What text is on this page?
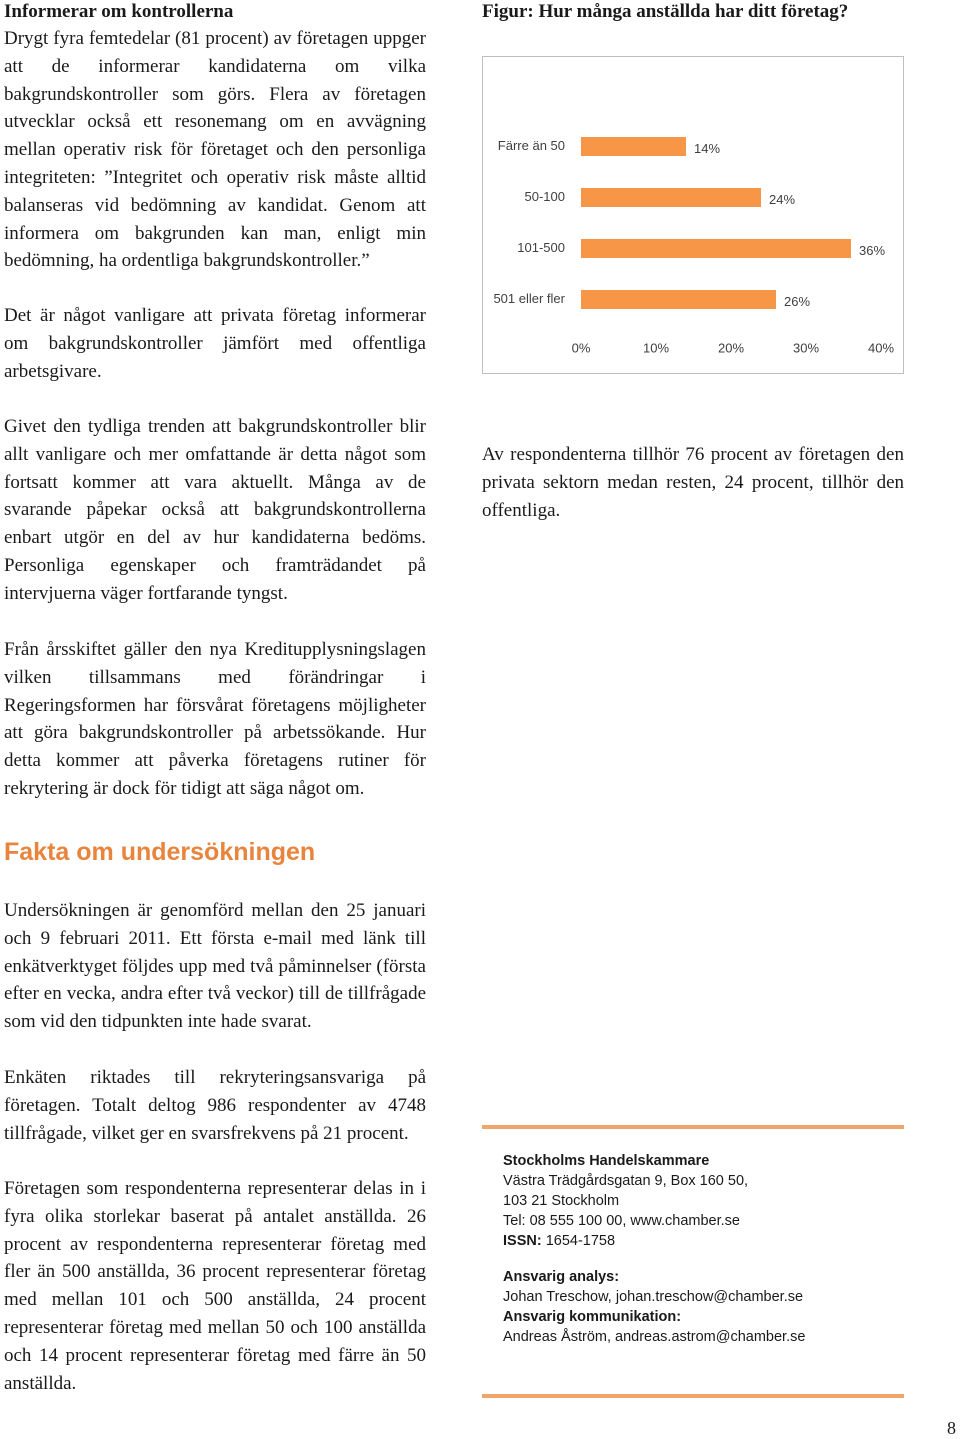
Informerar om kontrollerna

Drygt fyra femtedelar (81 procent) av företagen uppger att de informerar kandidaterna om vilka bakgrundskontroller som görs. Flera av företagen utvecklar också ett resonemang om en avvägning mellan operativ risk för företaget och den personliga integriteten: ”Integritet och operativ risk måste alltid balanseras vid bedömning av kandidat. Genom att informera om bakgrunden kan man, enligt min bedömning, ha ordentliga bakgrundskontroller.”

Det är något vanligare att privata företag informerar om bakgrundskontroller jämfört med offentliga arbetsgivare.

Givet den tydliga trenden att bakgrundskontroller blir allt vanligare och mer omfattande är detta något som fortsatt kommer att vara aktuellt. Många av de svarande påpekar också att bakgrundskontrollerna enbart utgör en del av hur kandidaterna bedöms. Personliga egenskaper och framträdandet på intervjuerna väger fortfarande tyngst.

Från årsskiftet gäller den nya Kreditupplysningslagen vilken tillsammans med förändringar i Regeringsformen har försvårat företagens möjligheter att göra bakgrundskontroller på arbetssökande. Hur detta kommer att påverka företagens rutiner för rekrytering är dock för tidigt att säga något om.

Fakta om undersökningen

Undersökningen är genomförd mellan den 25 januari och 9 februari 2011. Ett första e-mail med länk till enkätverktyget följdes upp med två påminnelser (första efter en vecka, andra efter två veckor) till de tillfrågade som vid den tidpunkten inte hade svarat.

Enkäten riktades till rekryteringsansvariga på företagen. Totalt deltog 986 respondenter av 4748 tillfrågade, vilket ger en svarsfrekvens på 21 procent.

Företagen som respondenterna representerar delas in i fyra olika storlekar baserat på antalet anställda. 26 procent av respondenterna representerar företag med fler än 500 anställda, 36 procent representerar företag med mellan 101 och 500 anställda, 24 procent representerar företag med mellan 50 och 100 anställda och 14 procent representerar företag med färre än 50 anställda.

Figur: Hur många anställda har ditt företag?
Färre än 50	14%
50-100	24%
101-500	36%
501 eller fler	26%
0%	10%	20%	30%	40%

Av respondenterna tillhör 76 procent av företagen den privata sektorn medan resten, 24 procent, tillhör den offentliga.

Stockholms Handelskammare

Västra Trädgårdsgatan 9, Box 160 50,

103 21 Stockholm

Tel: 08 555 100 00, www.chamber.se

ISSN: 1654-1758

Ansvarig analys:

Johan Treschow, johan.treschow@chamber.se

Ansvarig kommunikation:

Andreas Åström, andreas.astrom@chamber.se

8
